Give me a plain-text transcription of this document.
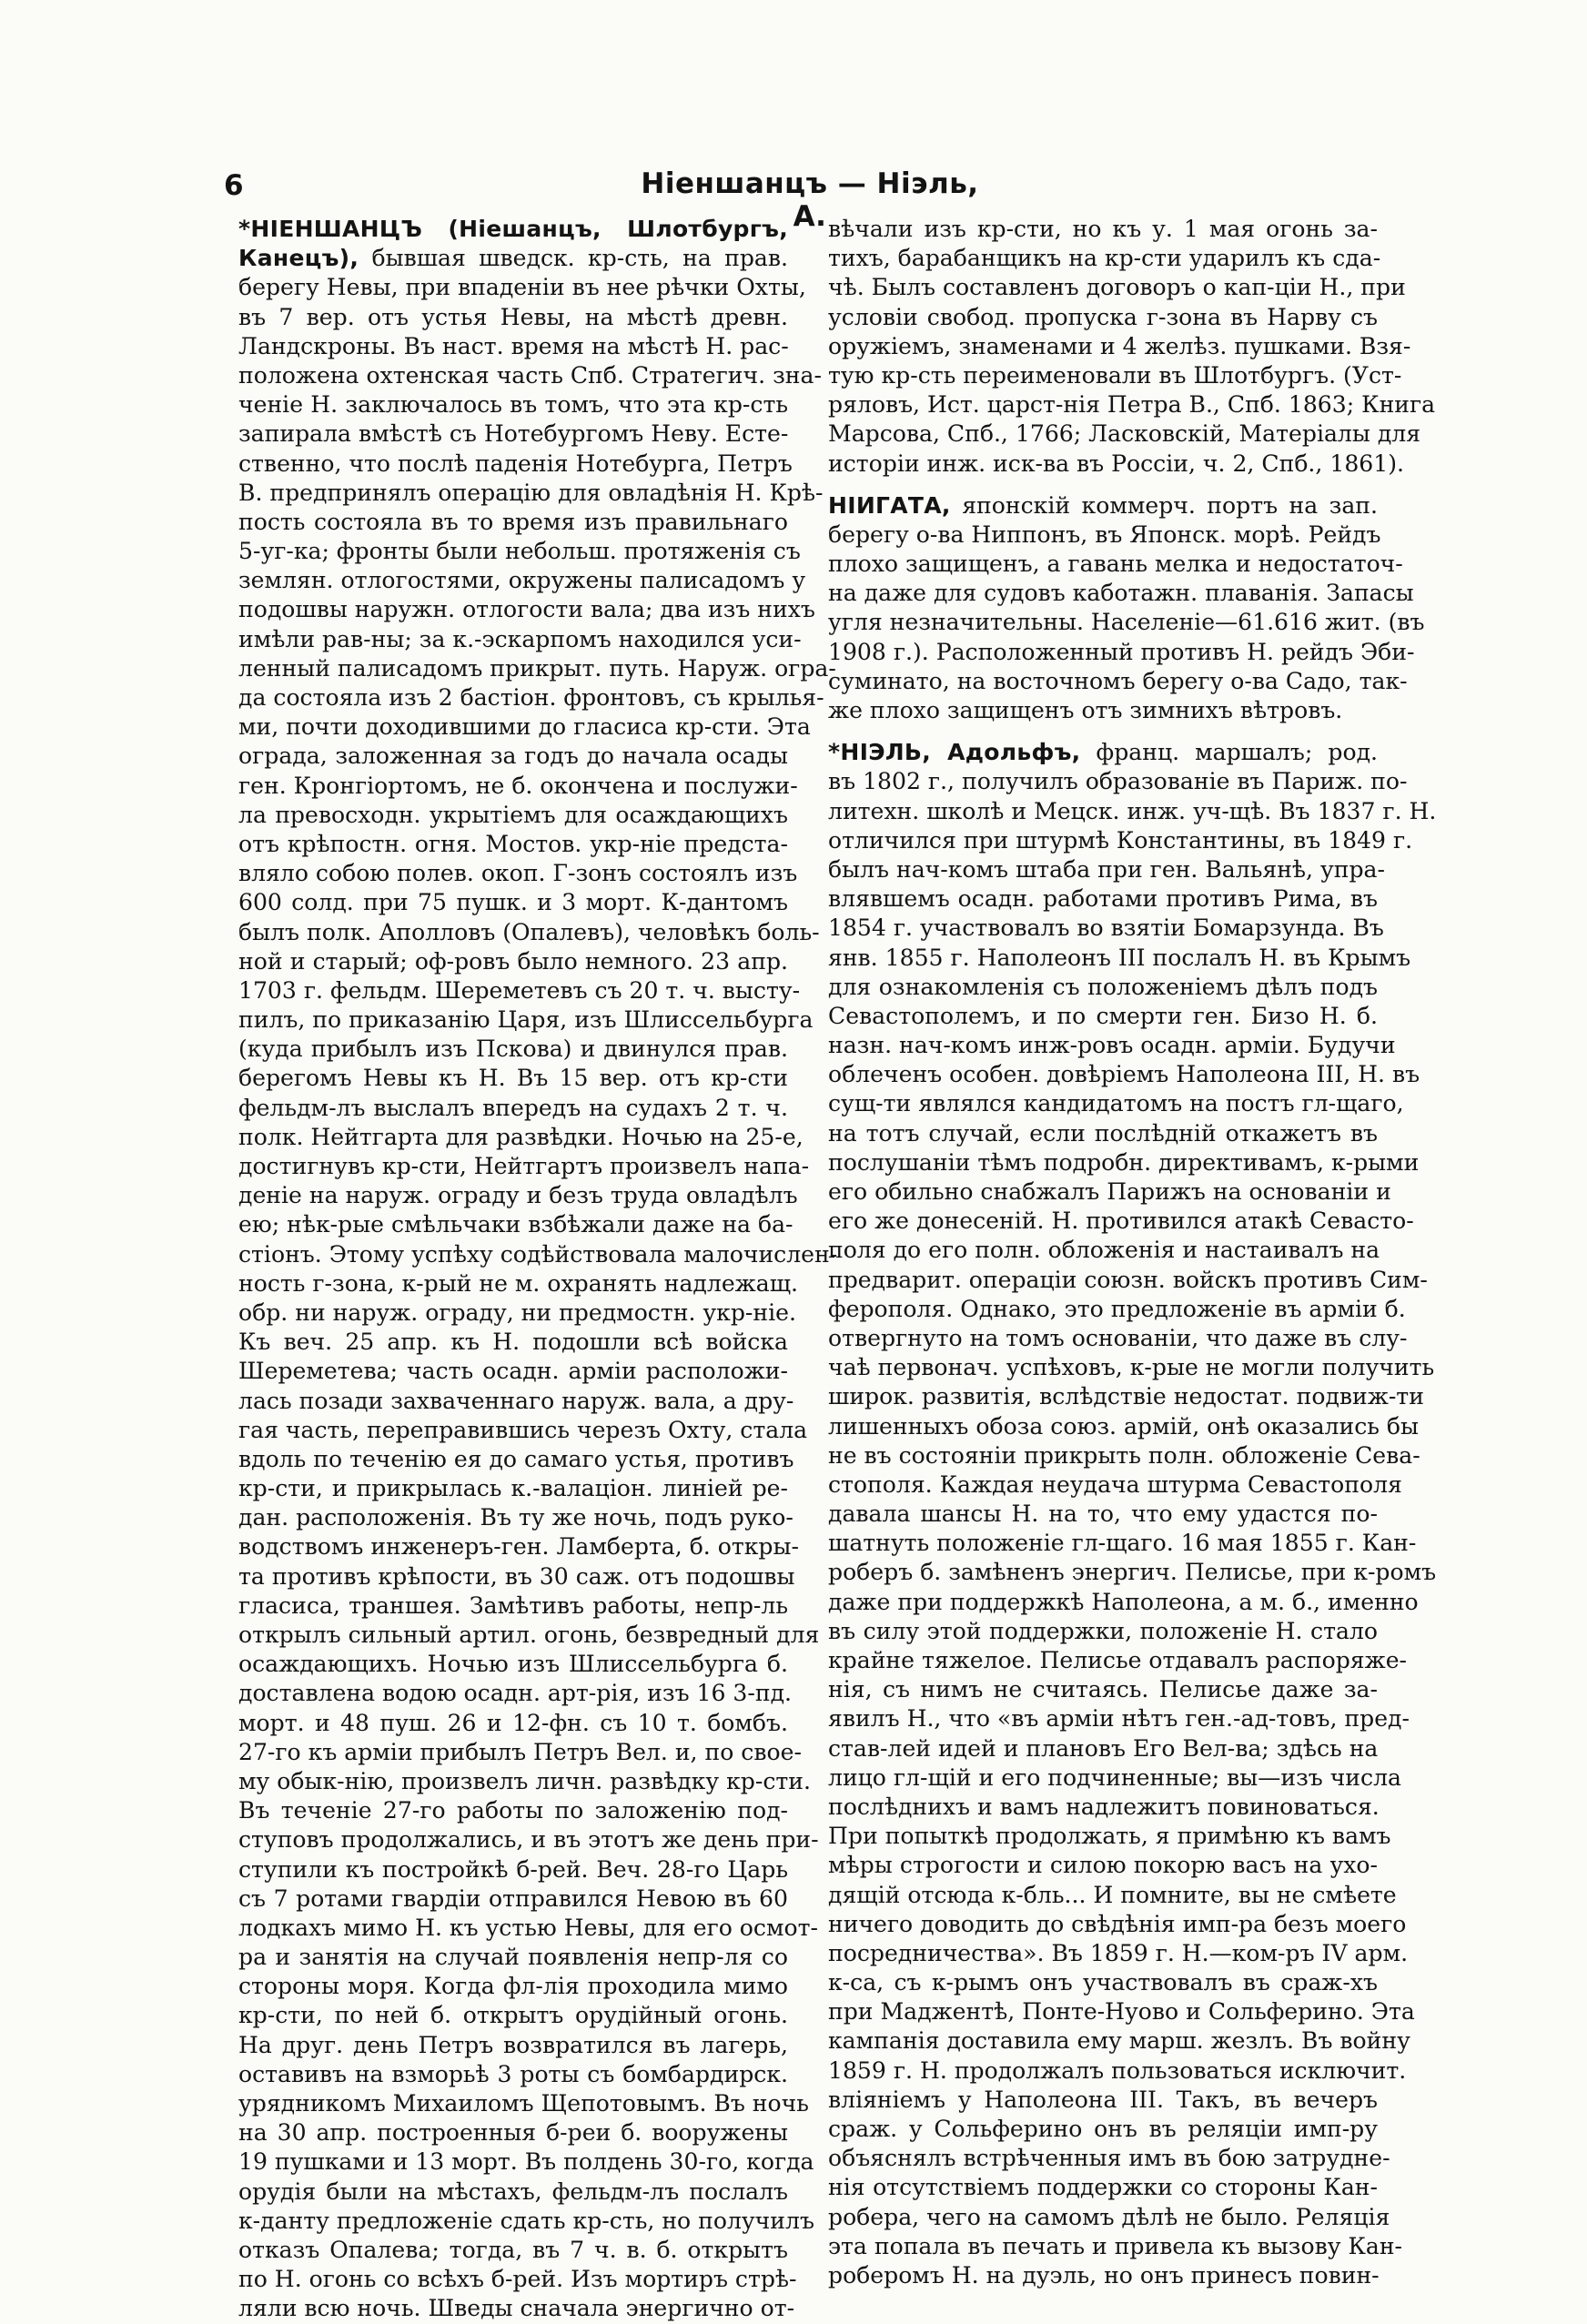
6	Ніеншанцъ — Ніэль, А.
*НІЕНШАНЦЪ (Ніешанцъ, Шлотбургъ,
Канецъ), бывшая шведск. кр-сть, на прав.
берегу Невы, при впаденіи въ нее рѣчки Охты,
въ 7 вер. отъ устья Невы, на мѣстѣ древн.
Ландскроны. Въ наст. время на мѣстѣ Н. рас-
положена охтенская часть Спб. Стратегич. зна-
ченіе Н. заключалось въ томъ, что эта кр-сть
запирала вмѣстѣ съ Нотебургомъ Неву. Есте-
ственно, что послѣ паденія Нотебурга, Петръ
В. предпринялъ операцію для овладѣнія Н. Крѣ-
пость состояла въ то время изъ правильнаго
5-уг-ка; фронты были небольш. протяженія съ
землян. отлогостями, окружены палисадомъ у
подошвы наружн. отлогости вала; два изъ нихъ
имѣли рав-ны; за к.-эскарпомъ находился уси-
ленный палисадомъ прикрыт. путь. Наруж. огра-
да состояла изъ 2 бастіон. фронтовъ, съ крылья-
ми, почти доходившими до гласиса кр-сти. Эта
ограда, заложенная за годъ до начала осады
ген. Кронгіортомъ, не б. окончена и послужи-
ла превосходн. укрытіемъ для осаждающихъ
отъ крѣпостн. огня. Мостов. укр-ніе предста-
вляло собою полев. окоп. Г-зонъ состоялъ изъ
600 солд. при 75 пушк. и 3 морт. К-дантомъ
былъ полк. Аполловъ (Опалевъ), человѣкъ боль-
ной и старый; оф-ровъ было немного. 23 апр.
1703 г. фельдм. Шереметевъ съ 20 т. ч. высту-
пилъ, по приказанію Царя, изъ Шлиссельбурга
(куда прибылъ изъ Пскова) и двинулся прав.
берегомъ Невы къ Н. Въ 15 вер. отъ кр-сти
фельдм-лъ выслалъ впередъ на судахъ 2 т. ч.
полк. Нейтгарта для развѣдки. Ночью на 25-е,
достигнувъ кр-сти, Нейтгартъ произвелъ напа-
деніе на наруж. ограду и безъ труда овладѣлъ
ею; нѣк-рые смѣльчаки взбѣжали даже на ба-
стіонъ. Этому успѣху содѣйствовала малочислен-
ность г-зона, к-рый не м. охранять надлежащ.
обр. ни наруж. ограду, ни предмостн. укр-ніе.
Къ веч. 25 апр. къ Н. подошли всѣ войска
Шереметева; часть осадн. арміи расположи-
лась позади захваченнаго наруж. вала, а дру-
гая часть, переправившись черезъ Охту, стала
вдоль по теченію ея до самаго устья, противъ
кр-сти, и прикрылась к.-валаціон. линіей ре-
дан. расположенія. Въ ту же ночь, подъ руко-
водствомъ инженеръ-ген. Ламберта, б. откры-
та противъ крѣпости, въ 30 саж. отъ подошвы
гласиса, траншея. Замѣтивъ работы, непр-ль
открылъ сильный артил. огонь, безвредный для
осаждающихъ. Ночью изъ Шлиссельбурга б.
доставлена водою осадн. арт-рія, изъ 16 3-пд.
морт. и 48 пуш. 26 и 12-фн. съ 10 т. бомбъ.
27-го къ арміи прибылъ Петръ Вел. и, по свое-
му обык-нію, произвелъ личн. развѣдку кр-сти.
Въ теченіе 27-го работы по заложенію под-
ступовъ продолжались, и въ этотъ же день при-
ступили къ постройкѣ б-рей. Веч. 28-го Царь
съ 7 ротами гвардіи отправился Невою въ 60
лодкахъ мимо Н. къ устью Невы, для его осмот-
ра и занятія на случай появленія непр-ля со
стороны моря. Когда фл-лія проходила мимо
кр-сти, по ней б. открытъ орудійный огонь.
На друг. день Петръ возвратился въ лагерь,
оставивъ на взморьѣ 3 роты съ бомбардирск.
урядникомъ Михаиломъ Щепотовымъ. Въ ночь
на 30 апр. построенныя б-реи б. вооружены
19 пушками и 13 морт. Въ полдень 30-го, когда
орудія были на мѣстахъ, фельдм-лъ послалъ
к-данту предложеніе сдать кр-сть, но получилъ
отказъ Опалева; тогда, въ 7 ч. в. б. открытъ
по Н. огонь со всѣхъ б-рей. Изъ мортиръ стрѣ-
ляли всю ночь. Шведы сначала энергично от-
вѣчали изъ кр-сти, но къ у. 1 мая огонь за-
тихъ, барабанщикъ на кр-сти ударилъ къ сда-
чѣ. Былъ составленъ договоръ о кап-ціи Н., при
условіи свобод. пропуска г-зона въ Нарву съ
оружіемъ, знаменами и 4 желѣз. пушками. Взя-
тую кр-сть переименовали въ Шлотбургъ. (Уст-
ряловъ, Ист. царст-нія Петра В., Спб. 1863; Книга
Марсова, Спб., 1766; Ласковскій, Матеріалы для
исторіи инж. иск-ва въ Россіи, ч. 2, Спб., 1861).
НІИГАТА, японскій коммерч. портъ на зап.
берегу о-ва Ниппонъ, въ Японск. морѣ. Рейдъ
плохо защищенъ, а гавань мелка и недостаточ-
на даже для судовъ каботажн. плаванія. Запасы
угля незначительны. Населеніе—61.616 жит. (въ
1908 г.). Расположенный противъ Н. рейдъ Эби-
суминато, на восточномъ берегу о-ва Садо, так-
же плохо защищенъ отъ зимнихъ вѣтровъ.
*НІЭЛЬ, Адольфъ, франц. маршалъ; род.
въ 1802 г., получилъ образованіе въ Париж. по-
литехн. школѣ и Мецск. инж. уч-щѣ. Въ 1837 г. Н.
отличился при штурмѣ Константины, въ 1849 г.
былъ нач-комъ штаба при ген. Вальянѣ, упра-
влявшемъ осадн. работами противъ Рима, въ
1854 г. участвовалъ во взятіи Бомарзунда. Въ
янв. 1855 г. Наполеонъ III послалъ Н. въ Крымъ
для ознакомленія съ положеніемъ дѣлъ подъ
Севастополемъ, и по смерти ген. Бизо Н. б.
назн. нач-комъ инж-ровъ осадн. арміи. Будучи
облеченъ особен. довѣріемъ Наполеона III, Н. въ
сущ-ти являлся кандидатомъ на постъ гл-щаго,
на тотъ случай, если послѣдній откажетъ въ
послушаніи тѣмъ подробн. директивамъ, к-рыми
его обильно снабжалъ Парижъ на основаніи и
его же донесеній. Н. противился атакѣ Севасто-
поля до его полн. обложенія и настаивалъ на
предварит. операціи союзн. войскъ противъ Сим-
ферополя. Однако, это предложеніе въ арміи б.
отвергнуто на томъ основаніи, что даже въ слу-
чаѣ первонач. успѣховъ, к-рые не могли получить
широк. развитія, вслѣдствіе недостат. подвиж-ти
лишенныхъ обоза союз. армій, онѣ оказались бы
не въ состояніи прикрыть полн. обложеніе Сева-
стополя. Каждая неудача штурма Севастополя
давала шансы Н. на то, что ему удастся по-
шатнуть положеніе гл-щаго. 16 мая 1855 г. Кан-
роберъ б. замѣненъ энергич. Пелисье, при к-ромъ
даже при поддержкѣ Наполеона, а м. б., именно
въ силу этой поддержки, положеніе Н. стало
крайне тяжелое. Пелисье отдавалъ распоряже-
нія, съ нимъ не считаясь. Пелисье даже за-
явилъ Н., что «въ арміи нѣтъ ген.-ад-товъ, пред-
став-лей идей и плановъ Его Вел-ва; здѣсь на
лицо гл-щій и его подчиненные; вы—изъ числа
послѣднихъ и вамъ надлежитъ повиноваться.
При попыткѣ продолжать, я примѣню къ вамъ
мѣры строгости и силою покорю васъ на ухо-
дящій отсюда к-бль... И помните, вы не смѣете
ничего доводить до свѣдѣнія имп-ра безъ моего
посредничества». Въ 1859 г. Н.—ком-ръ IV арм.
к-са, съ к-рымъ онъ участвовалъ въ сраж-хъ
при Маджентѣ, Понте-Нуово и Сольферино. Эта
кампанія доставила ему марш. жезлъ. Въ войну
1859 г. Н. продолжалъ пользоваться исключит.
вліяніемъ у Наполеона III. Такъ, въ вечеръ
сраж. у Сольферино онъ въ реляціи имп-ру
объяснялъ встрѣченныя имъ въ бою затрудне-
нія отсутствіемъ поддержки со стороны Кан-
робера, чего на самомъ дѣлѣ не было. Реляція
эта попала въ печать и привела къ вызову Кан-
роберомъ Н. на дуэль, но онъ принесъ повин-
